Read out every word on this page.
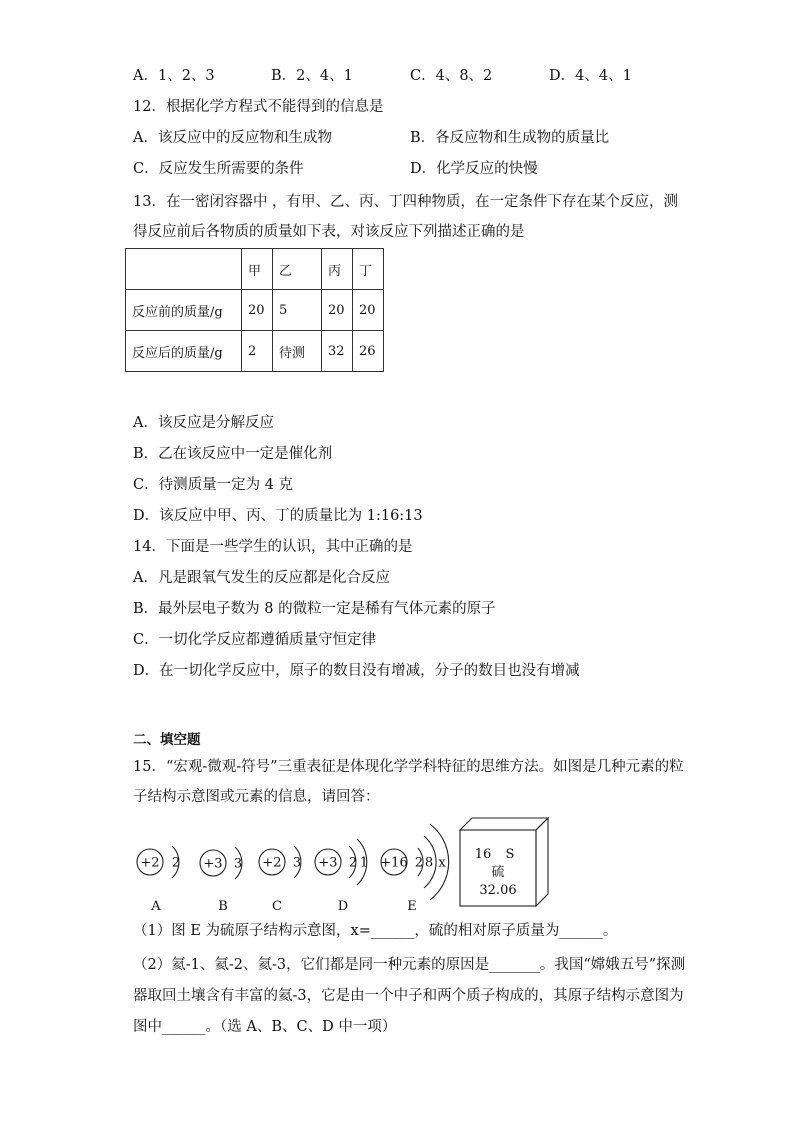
A．1、2、3	B．2、4、1	C．4、8、2	D．4、4、1
12．根据化学方程式不能得到的信息是
A．该反应中的反应物和生成物	B．各反应物和生成物的质量比
C．反应发生所需要的条件	D．化学反应的快慢
13．在一密闭容器中 ，有甲、乙、丙、丁四种物质，在一定条件下存在某个反应，测
得反应前后各物质的质量如下表，对该反应下列描述正确的是
	甲	乙	丙	丁
反应前的质量/g	20	5	20	20
反应后的质量/g	2	待测	32	26
A．该反应是分解反应
B．乙在该反应中一定是催化剂
C．待测质量一定为 4 克
D．该反应中甲、丙、丁的质量比为 1:16:13
14．下面是一些学生的认识，其中正确的是
A．凡是跟氧气发生的反应都是化合反应
B．最外层电子数为 8 的微粒一定是稀有气体元素的原子
C．一切化学反应都遵循质量守恒定律
D．在一切化学反应中，原子的数目没有增减，分子的数目也没有增减
二、填空题
15．“宏观-微观-符号”三重表征是体现化学学科特征的思维方法。如图是几种元素的粒
子结构示意图或元素的信息，请回答：
+2 2
A
+3 3
B
+2 3
C
+3 2 1
D
+16 2 8 x
E
16 S
硫
32.06
（1）图 E 为硫原子结构示意图，x=______，硫的相对原子质量为______。
（2）氦-1、氦-2、氦-3，它们都是同一种元素的原因是_______。我国“嫦娥五号”探测
器取回土壤含有丰富的氦-3，它是由一个中子和两个质子构成的，其原子结构示意图为
图中______。（选 A、B、C、D 中一项）
